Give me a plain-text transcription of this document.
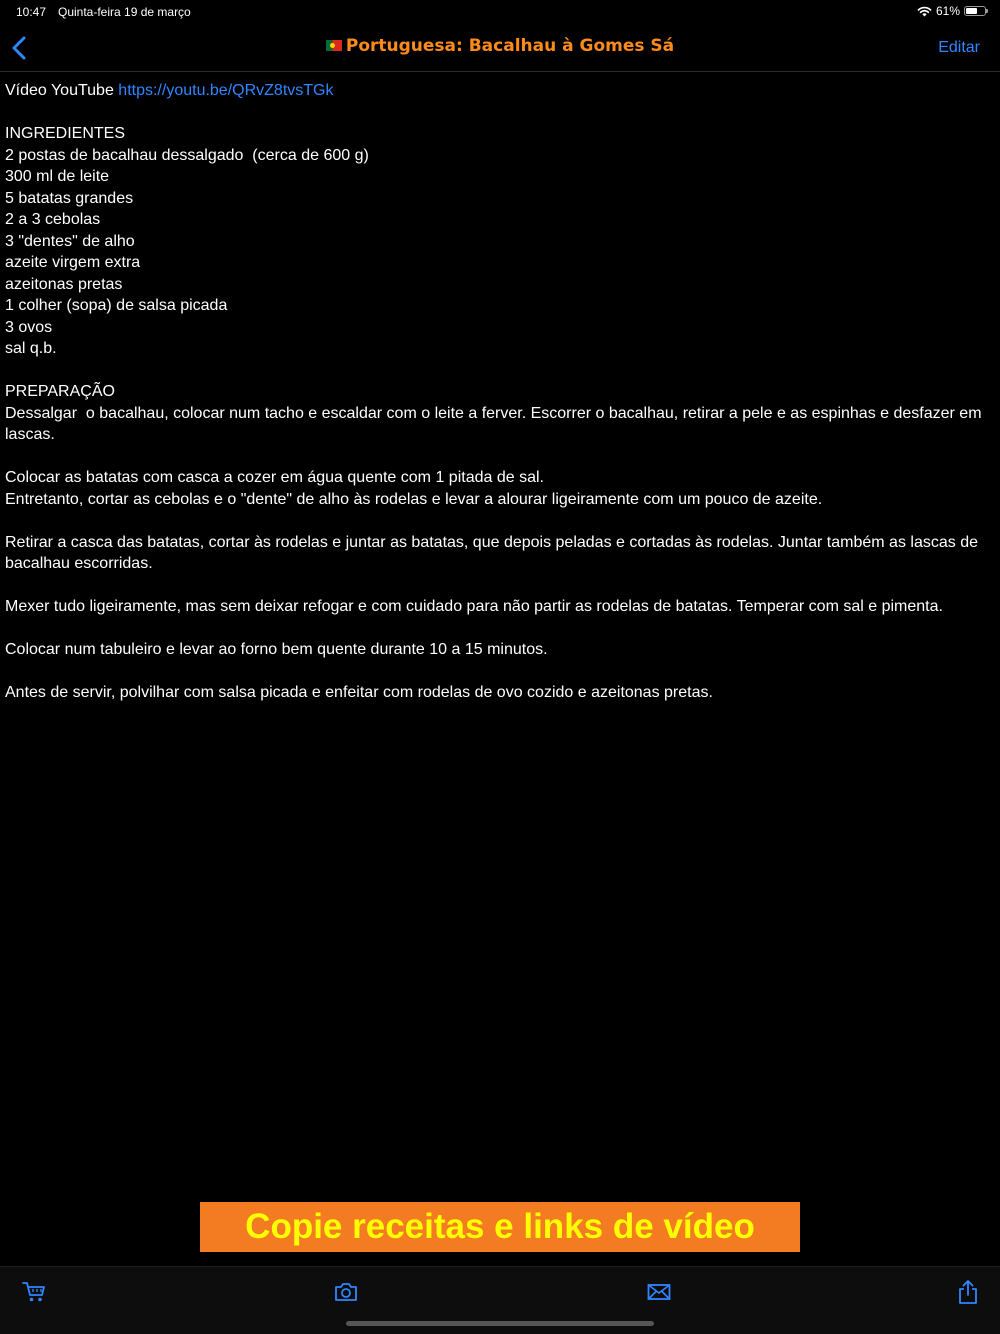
10:47 Quinta-feira 19 de março	61%
Portuguesa: Bacalhau à Gomes Sá	Editar
Vídeo YouTube https://youtu.be/QRvZ8tvsTGk
INGREDIENTES
2 postas de bacalhau dessalgado  (cerca de 600 g)
300 ml de leite
5 batatas grandes
2 a 3 cebolas
3 "dentes" de alho
azeite virgem extra
azeitonas pretas
1 colher (sopa) de salsa picada
3 ovos
sal q.b.
PREPARAÇÃO
Dessalgar  o bacalhau, colocar num tacho e escaldar com o leite a ferver. Escorrer o bacalhau, retirar a pele e as espinhas e desfazer em lascas.
Colocar as batatas com casca a cozer em água quente com 1 pitada de sal.
Entretanto, cortar as cebolas e o "dente" de alho às rodelas e levar a alourar ligeiramente com um pouco de azeite.
Retirar a casca das batatas, cortar às rodelas e juntar as batatas, que depois peladas e cortadas às rodelas. Juntar também as lascas de bacalhau escorridas.
Mexer tudo ligeiramente, mas sem deixar refogar e com cuidado para não partir as rodelas de batatas. Temperar com sal e pimenta.
Colocar num tabuleiro e levar ao forno bem quente durante 10 a 15 minutos.
Antes de servir, polvilhar com salsa picada e enfeitar com rodelas de ovo cozido e azeitonas pretas.
Copie receitas e links de vídeo
